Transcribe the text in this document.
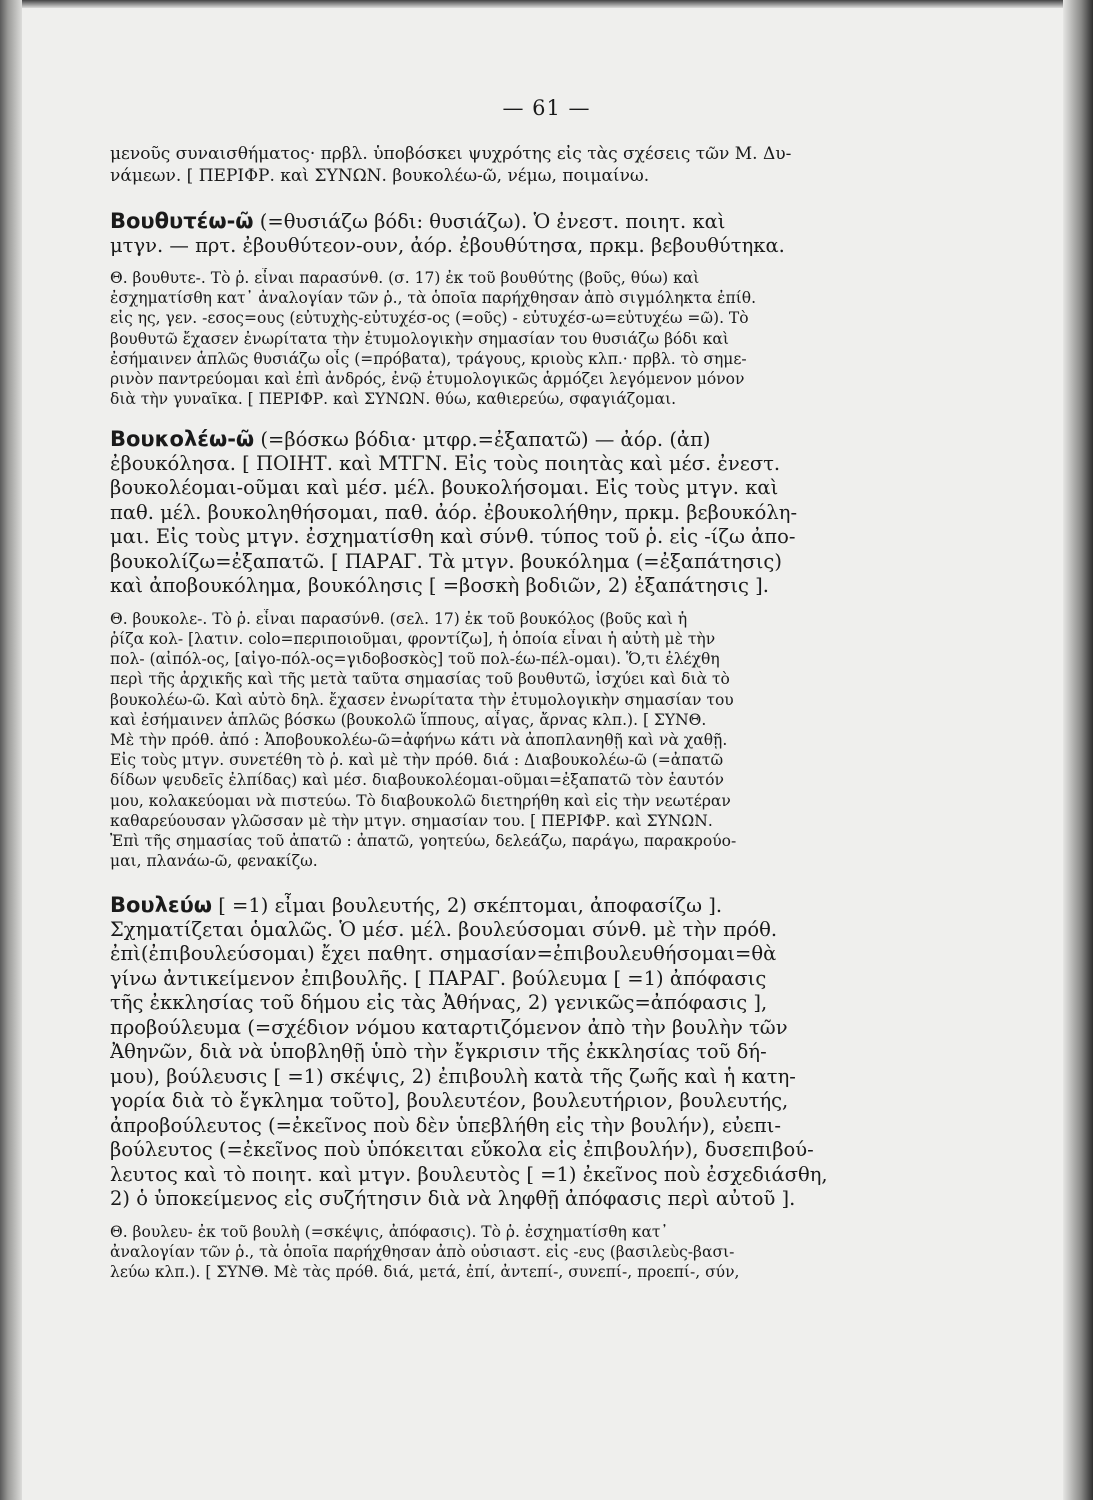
— 61 —
μενοῦς συναισθήματος· πρβλ. ὑποβόσκει ψυχρότης εἰς τὰς σχέσεις τῶν Μ. Δυ-
νάμεων. [ ΠΕΡΙΦΡ. καὶ ΣΥΝΩΝ. βουκολέω-ῶ, νέμω, ποιμαίνω.
Βουθυτέω-ῶ (=θυσιάζω βόδι: θυσιάζω). Ὁ ἐνεστ. ποιητ. καὶ
μτγν. — πρτ. ἐβουθύτεον-ουν, ἀόρ. ἐβουθύτησα, πρκμ. βεβουθύτηκα.
Θ. βουθυτε-. Τὸ ῥ. εἶναι παρασύνθ. (σ. 17) ἐκ τοῦ βουθύτης (βοῦς, θύω) καὶ
ἐσχηματίσθη κατ᾽ ἀναλογίαν τῶν ῥ., τὰ ὁποῖα παρήχθησαν ἀπὸ σιγμόληκτα ἐπίθ.
εἰς ης, γεν. -εσος=ους (εὐτυχὴς-εὐτυχέσ-ος (=οῦς) - εὐτυχέσ-ω=εὐτυχέω =ῶ). Τὸ
βουθυτῶ ἔχασεν ἐνωρίτατα τὴν ἐτυμολογικὴν σημασίαν του θυσιάζω βόδι καὶ
ἐσήμαινεν ἁπλῶς θυσιάζω οἶς (=πρόβατα), τράγους, κριοὺς κλπ.· πρβλ. τὸ σημε-
ρινὸν παντρεύομαι καὶ ἐπὶ ἀνδρός, ἐνῷ ἐτυμολογικῶς ἁρμόζει λεγόμενον μόνον
διὰ τὴν γυναῖκα. [ ΠΕΡΙΦΡ. καὶ ΣΥΝΩΝ. θύω, καθιερεύω, σφαγιάζομαι.
Βουκολέω-ῶ (=βόσκω βόδια· μτφρ.=ἐξαπατῶ) — ἀόρ. (ἀπ)
ἐβουκόλησα. [ ΠΟΙΗΤ. καὶ ΜΤΓΝ. Εἰς τοὺς ποιητὰς καὶ μέσ. ἐνεστ.
βουκολέομαι-οῦμαι καὶ μέσ. μέλ. βουκολήσομαι. Εἰς τοὺς μτγν. καὶ
παθ. μέλ. βουκοληθήσομαι, παθ. ἀόρ. ἐβουκολήθην, πρκμ. βεβουκόλη-
μαι. Εἰς τοὺς μτγν. ἐσχηματίσθη καὶ σύνθ. τύπος τοῦ ῥ. εἰς -ίζω ἀπο-
βουκολίζω=ἐξαπατῶ. [ ΠΑΡΑΓ. Τὰ μτγν. βουκόλημα (=ἐξαπάτησις)
καὶ ἀποβουκόλημα, βουκόλησις [ =βοσκὴ βοδιῶν, 2) ἐξαπάτησις ].
Θ. βουκολε-. Τὸ ῥ. εἶναι παρασύνθ. (σελ. 17) ἐκ τοῦ βουκόλος (βοῦς καὶ ἡ
ῥίζα κολ- [λατιν. colo=περιποιοῦμαι, φροντίζω], ἡ ὁποία εἶναι ἡ αὐτὴ μὲ τὴν
πολ- (αἰπόλ-ος, [αἰγο-πόλ-ος=γιδοβοσκὸς] τοῦ πολ-έω-πέλ-ομαι). Ὅ,τι ἐλέχθη
περὶ τῆς ἀρχικῆς καὶ τῆς μετὰ ταῦτα σημασίας τοῦ βουθυτῶ, ἰσχύει καὶ διὰ τὸ
βουκολέω-ῶ. Καὶ αὐτὸ δηλ. ἔχασεν ἐνωρίτατα τὴν ἐτυμολογικὴν σημασίαν του
καὶ ἐσήμαινεν ἁπλῶς βόσκω (βουκολῶ ἵππους, αἶγας, ἄρνας κλπ.). [ ΣΥΝΘ.
Μὲ τὴν πρόθ. ἀπό : Ἀποβουκολέω-ῶ=ἀφήνω κάτι νὰ ἀποπλανηθῇ καὶ νὰ χαθῇ.
Εἰς τοὺς μτγν. συνετέθη τὸ ῥ. καὶ μὲ τὴν πρόθ. διά : Διαβουκολέω-ῶ (=ἀπατῶ
δίδων ψευδεῖς ἐλπίδας) καὶ μέσ. διαβουκολέομαι-οῦμαι=ἐξαπατῶ τὸν ἑαυτόν
μου, κολακεύομαι νὰ πιστεύω. Τὸ διαβουκολῶ διετηρήθη καὶ εἰς τὴν νεωτέραν
καθαρεύουσαν γλῶσσαν μὲ τὴν μτγν. σημασίαν του. [ ΠΕΡΙΦΡ. καὶ ΣΥΝΩΝ.
Ἐπὶ τῆς σημασίας τοῦ ἀπατῶ : ἀπατῶ, γοητεύω, δελεάζω, παράγω, παρακρούο-
μαι, πλανάω-ῶ, φενακίζω.
Βουλεύω [ =1) εἶμαι βουλευτής, 2) σκέπτομαι, ἀποφασίζω ].
Σχηματίζεται ὁμαλῶς. Ὁ μέσ. μέλ. βουλεύσομαι σύνθ. μὲ τὴν πρόθ.
ἐπὶ(ἐπιβουλεύσομαι) ἔχει παθητ. σημασίαν=ἐπιβουλευθήσομαι=θὰ
γίνω ἀντικείμενον ἐπιβουλῆς. [ ΠΑΡΑΓ. βούλευμα [ =1) ἀπόφασις
τῆς ἐκκλησίας τοῦ δήμου εἰς τὰς Ἀθήνας, 2) γενικῶς=ἀπόφασις ],
προβούλευμα (=σχέδιον νόμου καταρτιζόμενον ἀπὸ τὴν βουλὴν τῶν
Ἀθηνῶν, διὰ νὰ ὑποβληθῇ ὑπὸ τὴν ἔγκρισιν τῆς ἐκκλησίας τοῦ δή-
μου), βούλευσις [ =1) σκέψις, 2) ἐπιβουλὴ κατὰ τῆς ζωῆς καὶ ἡ κατη-
γορία διὰ τὸ ἔγκλημα τοῦτο], βουλευτέον, βουλευτήριον, βουλευτής,
ἀπροβούλευτος (=ἐκεῖνος ποὺ δὲν ὑπεβλήθη εἰς τὴν βουλήν), εὐεπι-
βούλευτος (=ἐκεῖνος ποὺ ὑπόκειται εὔκολα εἰς ἐπιβουλήν), δυσεπιβού-
λευτος καὶ τὸ ποιητ. καὶ μτγν. βουλευτὸς [ =1) ἐκεῖνος ποὺ ἐσχεδιάσθη,
2) ὁ ὑποκείμενος εἰς συζήτησιν διὰ νὰ ληφθῇ ἀπόφασις περὶ αὐτοῦ ].
Θ. βουλευ- ἐκ τοῦ βουλὴ (=σκέψις, ἀπόφασις). Τὸ ῥ. ἐσχηματίσθη κατ᾽
ἀναλογίαν τῶν ῥ., τὰ ὁποῖα παρήχθησαν ἀπὸ οὐσιαστ. εἰς -ευς (βασιλεὺς-βασι-
λεύω κλπ.). [ ΣΥΝΘ. Μὲ τὰς πρόθ. διά, μετά, ἐπί, ἀντεπί-, συνεπί-, προεπί-, σύν,
